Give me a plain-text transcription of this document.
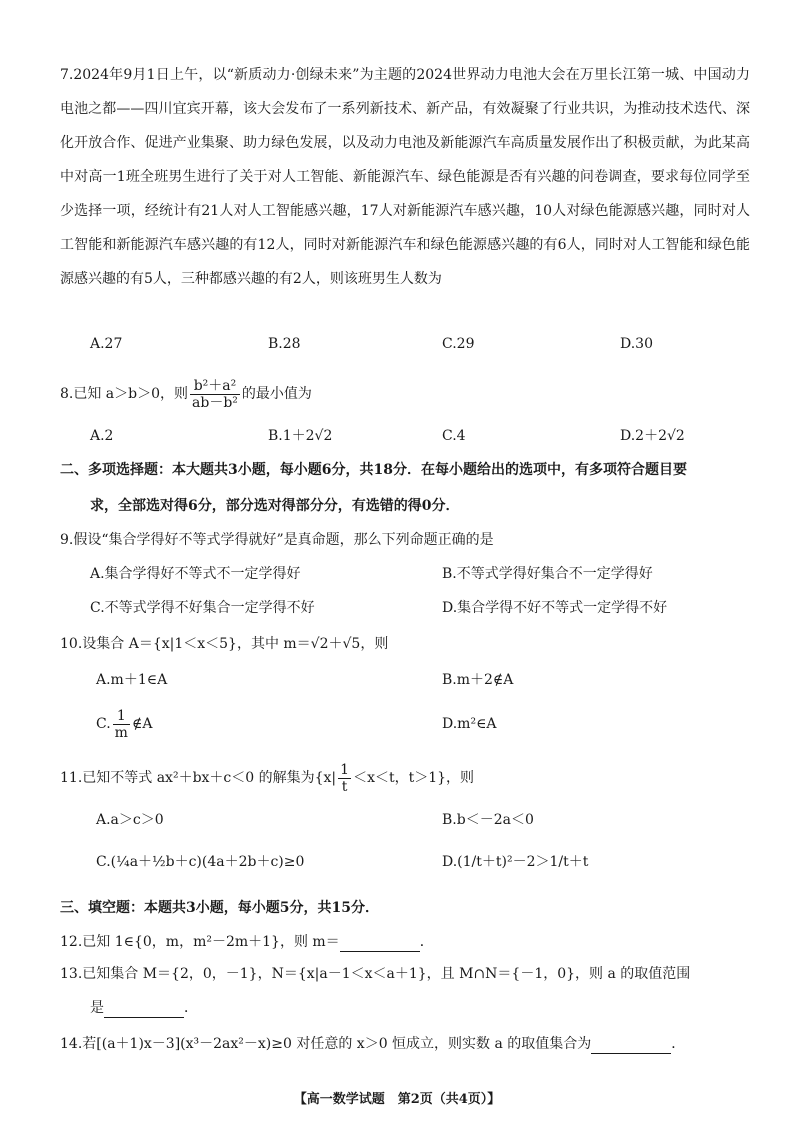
7.2024年9月1日上午，以“新质动力·创绿未来”为主题的2024世界动力电池大会在万里长江第一城、中国动力电池之都——四川宜宾开幕，该大会发布了一系列新技术、新产品，有效凝聚了行业共识，为推动技术迭代、深化开放合作、促进产业集聚、助力绿色发展，以及动力电池及新能源汽车高质量发展作出了积极贡献，为此某高中对高一1班全班男生进行了关于对人工智能、新能源汽车、绿色能源是否有兴趣的问卷调查，要求每位同学至少选择一项，经统计有21人对人工智能感兴趣，17人对新能源汽车感兴趣，10人对绿色能源感兴趣，同时对人工智能和新能源汽车感兴趣的有12人，同时对新能源汽车和绿色能源感兴趣的有6人，同时对人工智能和绿色能源感兴趣的有5人，三种都感兴趣的有2人，则该班男生人数为
A.27	B.28	C.29	D.30
8.已知 a＞b＞0，则 $\frac{\text{b²＋a²}}{\text{ab－b²}}$ 的最小值为
A.2	B.1＋2√2	C.4	D.2＋2√2
二、多项选择题：本大题共3小题，每小题6分，共18分．在每小题给出的选项中，有多项符合题目要
求，全部选对得6分，部分选对得部分分，有选错的得0分．
9.假设“集合学得好不等式学得就好”是真命题，那么下列命题正确的是
A.集合学得好不等式不一定学得好	B.不等式学得好集合不一定学得好
C.不等式学得不好集合一定学得不好	D.集合学得不好不等式一定学得不好
10.设集合 A＝{x|1＜x＜5}，其中 m＝√2＋√5，则
A.m＋1∈A	B.m＋2∉A
C. $\frac{1}{m}$ ∉A	D.m²∈A
11.已知不等式 ax²＋bx＋c＜0 的解集为{$x| \frac{1}{t} <x<t$，t＞1}，则
A.a＞c＞0	B.b＜－2a＜0
C.(¼a＋½b＋c)(4a＋2b＋c)≥0	D.(1/t＋t)²－2＞1/t＋t
三、填空题：本题共3小题，每小题5分，共15分．
12.已知 1∈{0，m，m²－2m＋1}，则 m＝	．
13.已知集合 M＝{2，0，－1}，N＝{x|a－1＜x＜a＋1}，且 M∩N＝{－1，0}，则 a 的取值范围
是	．
14.若[(a＋1)x－3](x³－2ax²－x)≥0 对任意的 x＞0 恒成立，则实数 a 的取值集合为	．
【高一数学试题　第2页（共4页）】
